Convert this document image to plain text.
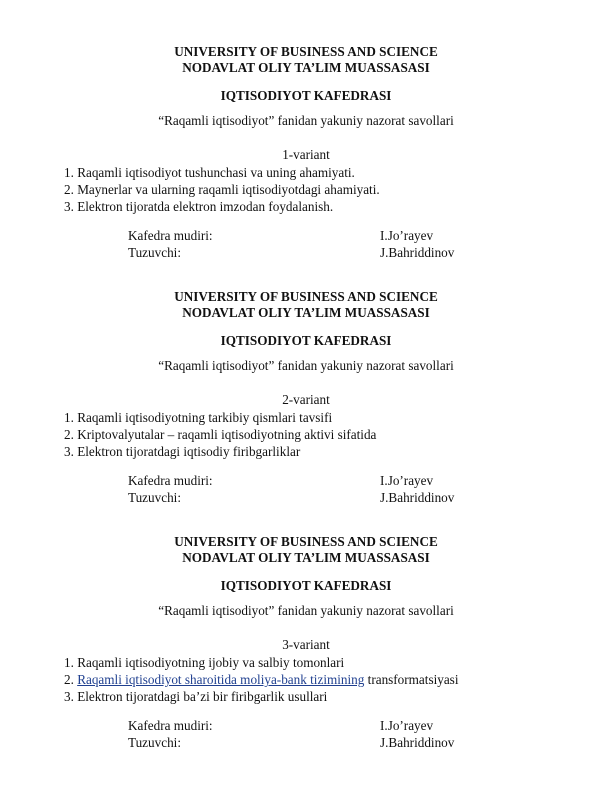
UNIVERSITY OF BUSINESS AND SCIENCE
NODAVLAT OLIY TA’LIM MUASSASASI
IQTISODIYOT KAFEDRASI
“Raqamli iqtisodiyot” fanidan yakuniy nazorat savollari
1-variant
1. Raqamli iqtisodiyot tushunchasi va uning ahamiyati.
2. Maynerlar va ularning raqamli iqtisodiyotdagi ahamiyati.
3. Elektron tijoratda elektron imzodan foydalanish.
Kafedra mudiri:
Tuzuvchi:
I.Jo’rayev
J.Bahriddinov
UNIVERSITY OF BUSINESS AND SCIENCE
NODAVLAT OLIY TA’LIM MUASSASASI
IQTISODIYOT KAFEDRASI
“Raqamli iqtisodiyot” fanidan yakuniy nazorat savollari
2-variant
1. Raqamli iqtisodiyotning tarkibiy qismlari tavsifi
2. Kriptovalyutalar – raqamli iqtisodiyotning aktivi sifatida
3. Elektron tijoratdagi iqtisodiy firibgarliklar
Kafedra mudiri:
Tuzuvchi:
I.Jo’rayev
J.Bahriddinov
UNIVERSITY OF BUSINESS AND SCIENCE
NODAVLAT OLIY TA’LIM MUASSASASI
IQTISODIYOT KAFEDRASI
“Raqamli iqtisodiyot” fanidan yakuniy nazorat savollari
3-variant
1. Raqamli iqtisodiyotning ijobiy va salbiy tomonlari
2. Raqamli iqtisodiyot sharoitida moliya-bank tizimining transformatsiyasi
3. Elektron tijoratdagi ba’zi bir firibgarlik usullari
Kafedra mudiri:
Tuzuvchi:
I.Jo’rayev
J.Bahriddinov
